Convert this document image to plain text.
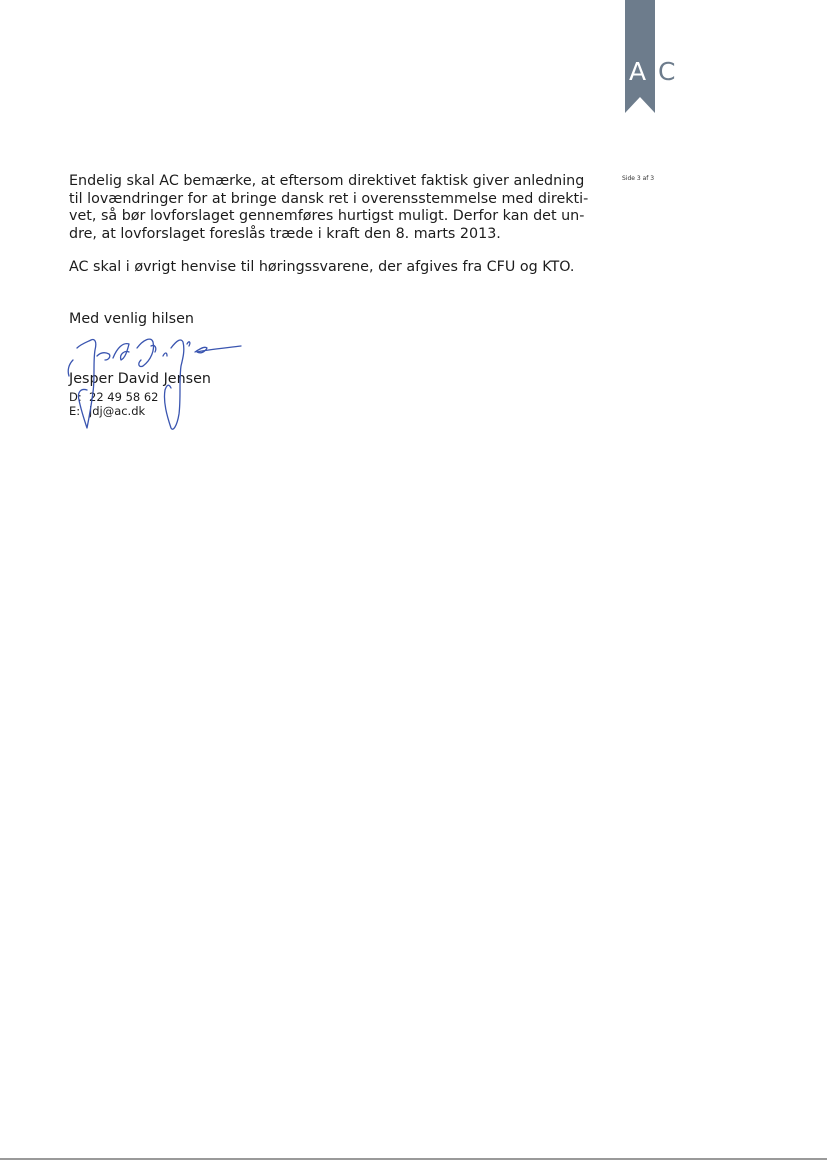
A C
Side 3 af 3

Endelig skal AC bemærke, at eftersom direktivet faktisk giver anledning
til lovændringer for at bringe dansk ret i overensstemmelse med direkti-
vet, så bør lovforslaget gennemføres hurtigst muligt. Derfor kan det un-
dre, at lovforslaget foreslås træde i kraft den 8. marts 2013.

AC skal i øvrigt henvise til høringssvarene, der afgives fra CFU og KTO.
Med venlig hilsen
Jesper David Jensen
D: 22 49 58 62
E: jdj@ac.dk
